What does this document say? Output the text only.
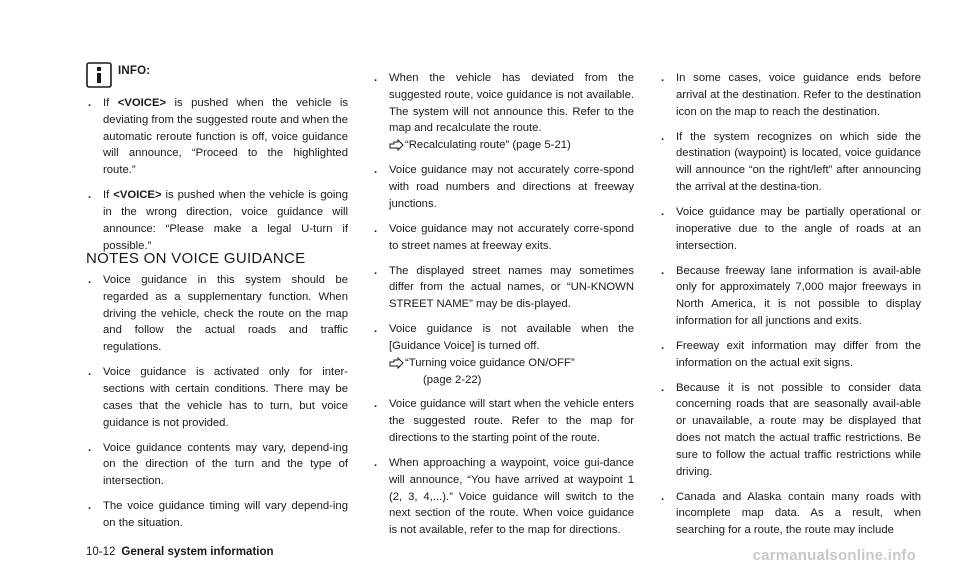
INFO:
. If <VOICE> is pushed when the vehicle is deviating from the suggested route and when the automatic reroute function is off, voice guidance will announce, “Proceed to the highlighted route.”
. If <VOICE> is pushed when the vehicle is going in the wrong direction, voice guidance will announce: “Please make a legal U-turn if possible.”
NOTES ON VOICE GUIDANCE
. Voice guidance in this system should be regarded as a supplementary function. When driving the vehicle, check the route on the map and follow the actual roads and traffic regulations.
. Voice guidance is activated only for inter-sections with certain conditions. There may be cases that the vehicle has to turn, but voice guidance is not provided.
. Voice guidance contents may vary, depend-ing on the direction of the turn and the type of intersection.
. The voice guidance timing will vary depend-ing on the situation.
. When the vehicle has deviated from the suggested route, voice guidance is not available. The system will not announce this. Refer to the map and recalculate the route.
“Recalculating route” (page 5-21)
. Voice guidance may not accurately corre-spond with road numbers and directions at freeway junctions.
. Voice guidance may not accurately corre-spond to street names at freeway exits.
. The displayed street names may sometimes differ from the actual names, or “UN-KNOWN STREET NAME” may be dis-played.
. Voice guidance is not available when the [Guidance Voice] is turned off.
“Turning voice guidance ON/OFF”
(page 2-22)
. Voice guidance will start when the vehicle enters the suggested route. Refer to the map for directions to the starting point of the route.
. When approaching a waypoint, voice gui-dance will announce, “You have arrived at waypoint 1 (2, 3, 4,...).” Voice guidance will switch to the next section of the route. When voice guidance is not available, refer to the map for directions.
. In some cases, voice guidance ends before arrival at the destination. Refer to the destination icon on the map to reach the destination.
. If the system recognizes on which side the destination (waypoint) is located, voice guidance will announce “on the right/left” after announcing the arrival at the destina-tion.
. Voice guidance may be partially operational or inoperative due to the angle of roads at an intersection.
. Because freeway lane information is avail-able only for approximately 7,000 major freeways in North America, it is not possible to display information for all junctions and exits.
. Freeway exit information may differ from the information on the actual exit signs.
. Because it is not possible to consider data concerning roads that are seasonally avail-able or unavailable, a route may be displayed that does not match the actual traffic restrictions. Be sure to follow the actual traffic restrictions while driving.
. Canada and Alaska contain many roads with incomplete map data. As a result, when searching for a route, the route may include
10-12 General system information	carmanualsonline.info
